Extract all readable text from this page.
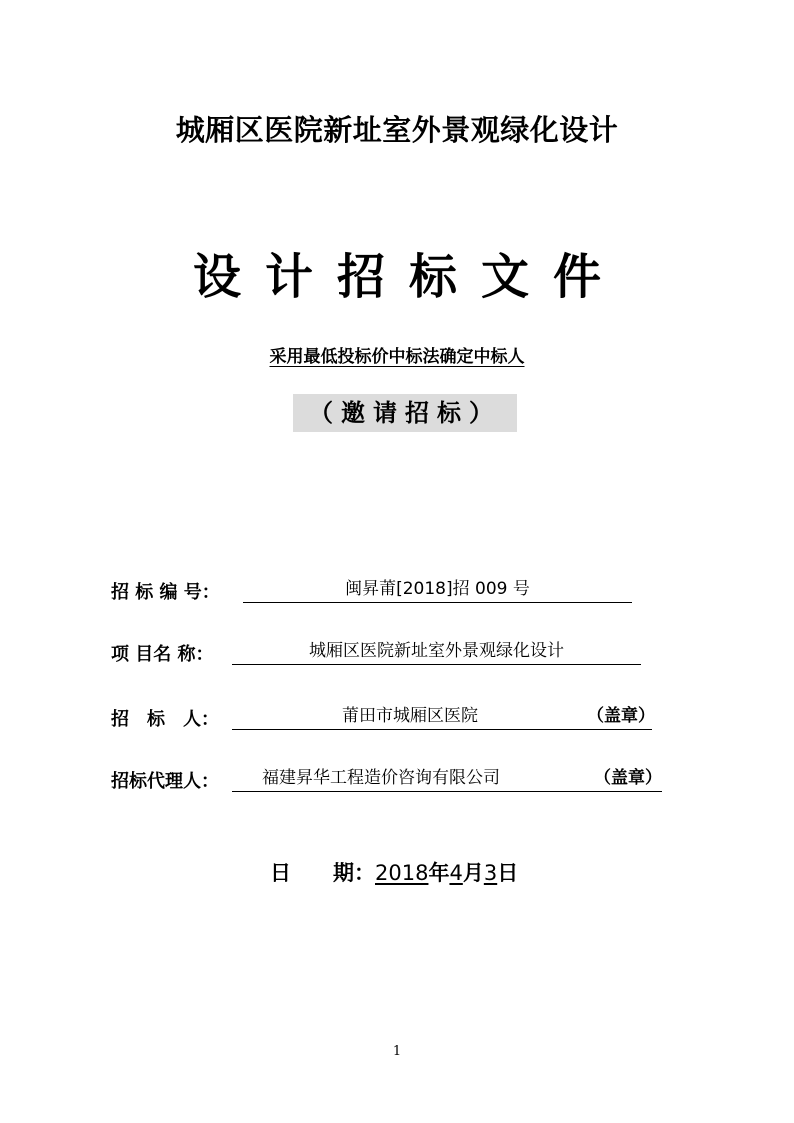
城厢区医院新址室外景观绿化设计
设计招标文件
采用最低投标价中标法确定中标人
（邀请招标）
招 标 编 号：	闽昇莆[2018]招 009 号
项 目名 称：	城厢区医院新址室外景观绿化设计
招　标　人：	莆田市城厢区医院	（盖章）
招标代理人：	福建昇华工程造价咨询有限公司	（盖章）
日　　期：2018年4月3日
1
